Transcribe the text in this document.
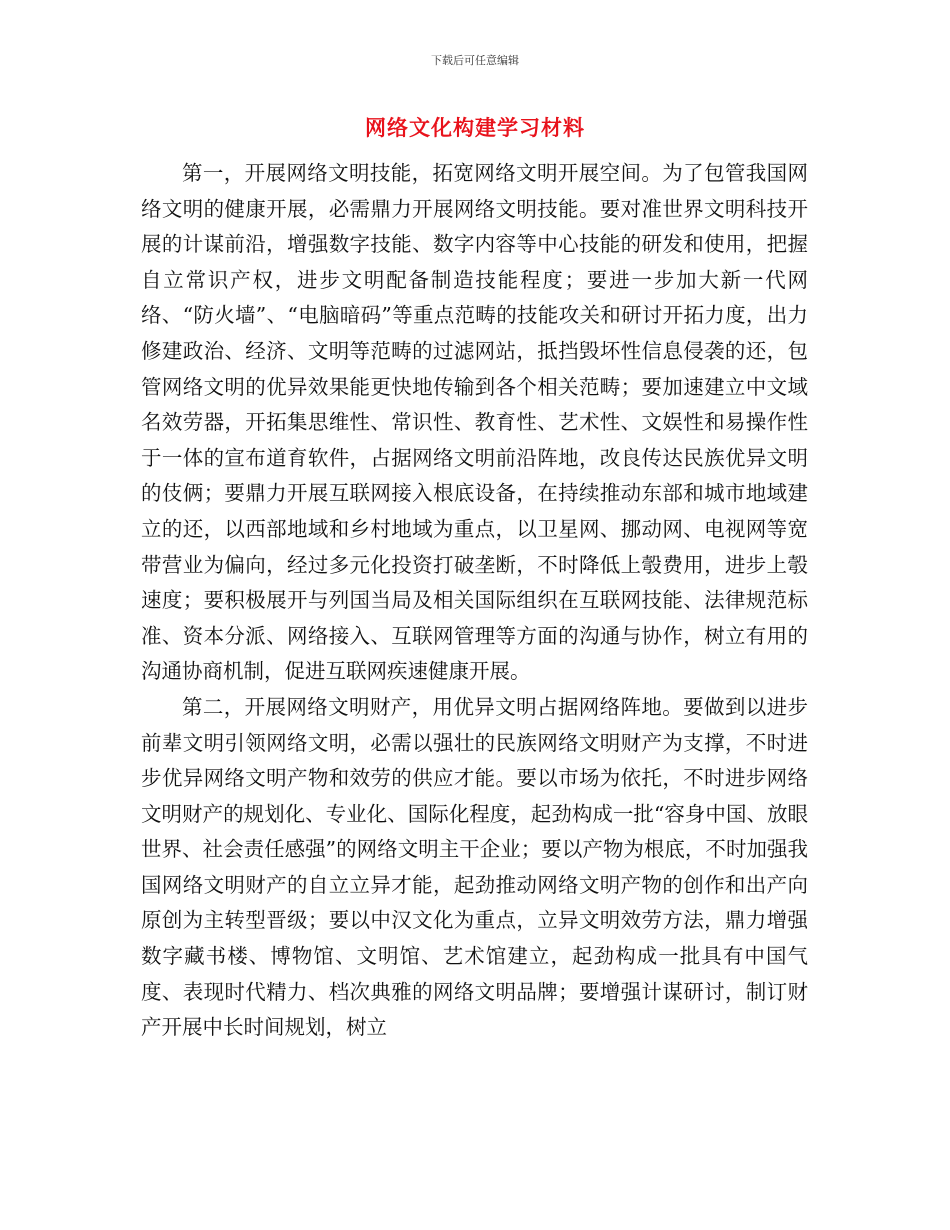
下载后可任意编辑
网络文化构建学习材料

第一，开展网络文明技能，拓宽网络文明开展空间。为了包管我国网络文明的健康开展，必需鼎力开展网络文明技能。要对准世界文明科技开展的计谋前沿，增强数字技能、数字内容等中心技能的研发和使用，把握自立常识产权，进步文明配备制造技能程度；要进一步加大新一代网络、“防火墙”、“电脑暗码”等重点范畴的技能攻关和研讨开拓力度，出力修建政治、经济、文明等范畴的过滤网站，抵挡毁坏性信息侵袭的还，包管网络文明的优异效果能更快地传输到各个相关范畴；要加速建立中文域名效劳器，开拓集思维性、常识性、教育性、艺术性、文娱性和易操作性于一体的宣布道育软件，占据网络文明前沿阵地，改良传达民族优异文明的伎俩；要鼎力开展互联网接入根底设备，在持续推动东部和城市地域建立的还，以西部地域和乡村地域为重点，以卫星网、挪动网、电视网等宽带营业为偏向，经过多元化投资打破垄断，不时降低上彀费用，进步上彀速度；要积极展开与列国当局及相关国际组织在互联网技能、法律规范标准、资本分派、网络接入、互联网管理等方面的沟通与协作，树立有用的沟通协商机制，促进互联网疾速健康开展。

第二，开展网络文明财产，用优异文明占据网络阵地。要做到以进步前辈文明引领网络文明，必需以强壮的民族网络文明财产为支撑，不时进步优异网络文明产物和效劳的供应才能。要以市场为依托，不时进步网络文明财产的规划化、专业化、国际化程度，起劲构成一批“容身中国、放眼世界、社会责任感强”的网络文明主干企业；要以产物为根底，不时加强我国网络文明财产的自立立异才能，起劲推动网络文明产物的创作和出产向原创为主转型晋级；要以中汉文化为重点，立异文明效劳方法，鼎力增强数字藏书楼、博物馆、文明馆、艺术馆建立，起劲构成一批具有中国气度、表现时代精力、档次典雅的网络文明品牌；要增强计谋研讨，制订财产开展中长时间规划，树立
